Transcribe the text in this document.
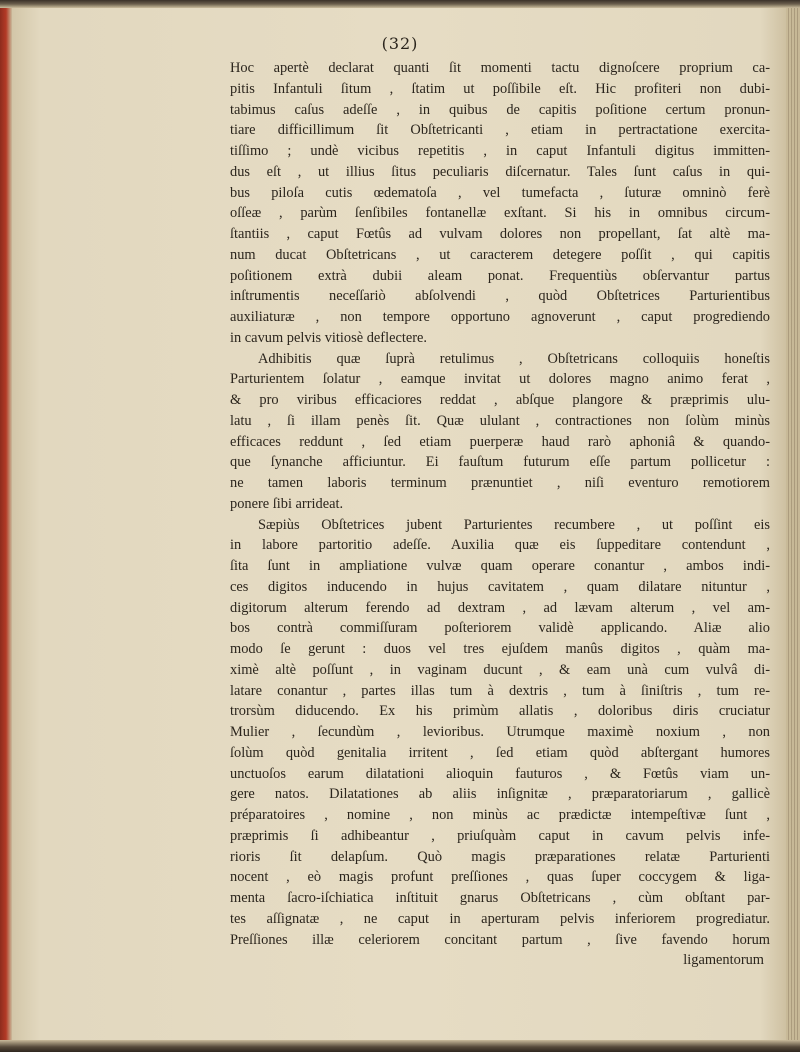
(32)
Hoc apertè declarat quanti ſit momenti tactu dignoſcere proprium ca-
pitis Infantuli ſitum , ſtatim ut poſſibile eſt. Hic profiteri non dubi-
tabimus caſus adeſſe , in quibus de capitis poſitione certum pronun-
tiare difficillimum ſit Obſtetricanti , etiam in pertractatione exercita-
tiſſimo ; undè vicibus repetitis , in caput Infantuli digitus immitten-
dus eſt , ut illius ſitus peculiaris diſcernatur. Tales ſunt caſus in qui-
bus piloſa cutis œdematoſa , vel tumefacta , ſuturæ omninò ferè
oſſeæ , parùm ſenſibiles fontanellæ exſtant. Si his in omnibus circum-
ſtantiis , caput Fœtûs ad vulvam dolores non propellant, ſat altè ma-
num ducat Obſtetricans , ut caracterem detegere poſſit , qui capitis
poſitionem extrà dubii aleam ponat. Frequentiùs obſervantur partus
inſtrumentis neceſſariò abſolvendi , quòd Obſtetrices Parturientibus
auxiliaturæ , non tempore opportuno agnoverunt , caput progrediendo
in cavum pelvis vitiosè deflectere.
Adhibitis quæ ſuprà retulimus , Obſtetricans colloquiis honeſtis
Parturientem ſolatur , eamque invitat ut dolores magno animo ferat ,
& pro viribus efficaciores reddat , abſque plangore & præprimis ulu-
latu , ſi illam penès ſit. Quæ ululant , contractiones non ſolùm minùs
efficaces reddunt , ſed etiam puerperæ haud rarò aphoniâ & quando-
que ſynanche afficiuntur. Ei fauſtum futurum eſſe partum pollicetur :
ne tamen laboris terminum prænuntiet , niſi eventuro remotiorem
ponere ſibi arrideat.
Sæpiùs Obſtetrices jubent Parturientes recumbere , ut poſſint eis
in labore partoritio adeſſe. Auxilia quæ eis ſuppeditare contendunt ,
ſita ſunt in ampliatione vulvæ quam operare conantur , ambos indi-
ces digitos inducendo in hujus cavitatem , quam dilatare nituntur ,
digitorum alterum ferendo ad dextram , ad lævam alterum , vel am-
bos contrà commiſſuram poſteriorem validè applicando. Aliæ alio
modo ſe gerunt : duos vel tres ejuſdem manûs digitos , quàm ma-
ximè altè poſſunt , in vaginam ducunt , & eam unà cum vulvâ di-
latare conantur , partes illas tum à dextris , tum à ſiniſtris , tum re-
trorsùm diducendo. Ex his primùm allatis , doloribus diris cruciatur
Mulier , ſecundùm , levioribus. Utrumque maximè noxium , non
ſolùm quòd genitalia irritent , ſed etiam quòd abſtergant humores
unctuoſos earum dilatationi alioquin fauturos , & Fœtûs viam un-
gere natos. Dilatationes ab aliis inſignitæ , præparatoriarum , gallicè
préparatoires , nomine , non minùs ac prædictæ intempeſtivæ ſunt ,
præprimis ſi adhibeantur , priuſquàm caput in cavum pelvis infe-
rioris ſit delapſum. Quò magis præparationes relatæ Parturienti
nocent , eò magis profunt preſſiones , quas ſuper coccygem & liga-
menta ſacro-iſchiatica inſtituit gnarus Obſtetricans , cùm obſtant par-
tes aſſignatæ , ne caput in aperturam pelvis inferiorem progrediatur.
Preſſiones illæ celeriorem concitant partum , ſive favendo horum
ligamentorum
